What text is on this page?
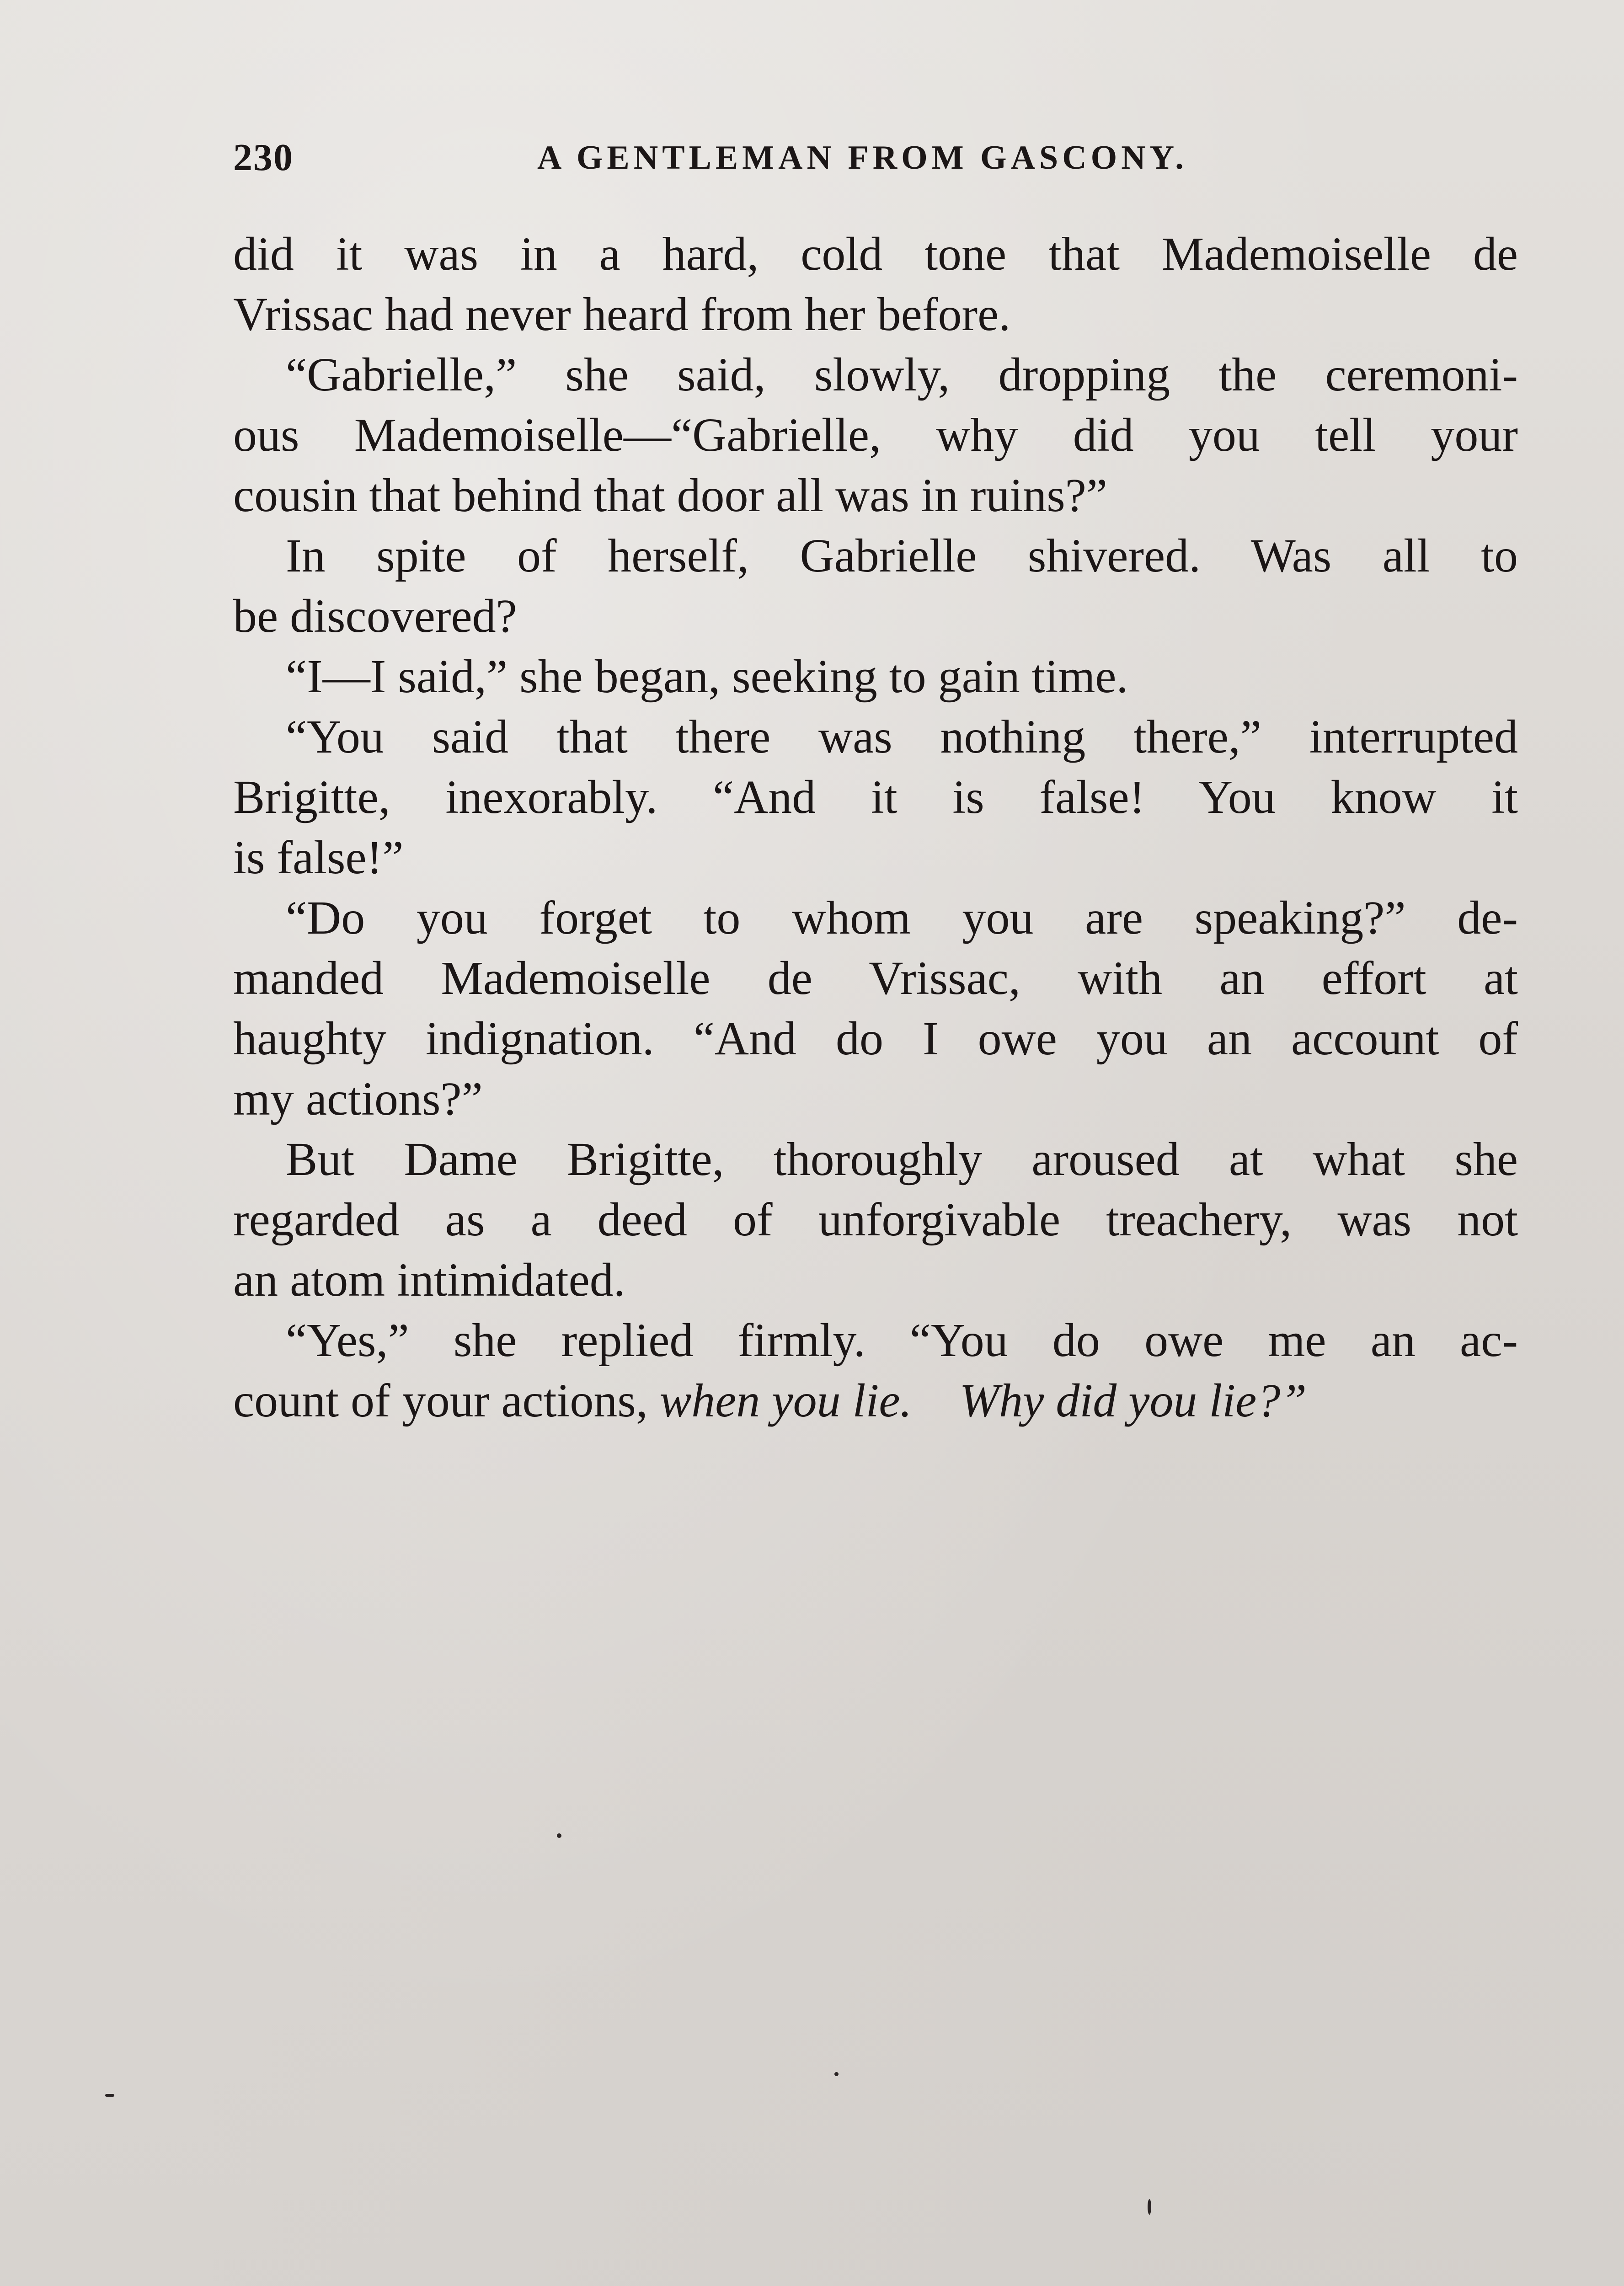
230	A GENTLEMAN FROM GASCONY.
did it was in a hard, cold tone that Mademoiselle de
Vrissac had never heard from her before.
“Gabrielle,” she said, slowly, dropping the ceremoni-
ous Mademoiselle—“Gabrielle, why did you tell your
cousin that behind that door all was in ruins?”
In spite of herself, Gabrielle shivered. Was all to
be discovered?
“I—I said,” she began, seeking to gain time.
“You said that there was nothing there,” interrupted
Brigitte, inexorably. “And it is false! You know it
is false!”
“Do you forget to whom you are speaking?” de-
manded Mademoiselle de Vrissac, with an effort at
haughty indignation. “And do I owe you an account of
my actions?”
But Dame Brigitte, thoroughly aroused at what she
regarded as a deed of unforgivable treachery, was not
an atom intimidated.
“Yes,” she replied firmly. “You do owe me an ac-
count of your actions, when you lie. Why did you lie?”
